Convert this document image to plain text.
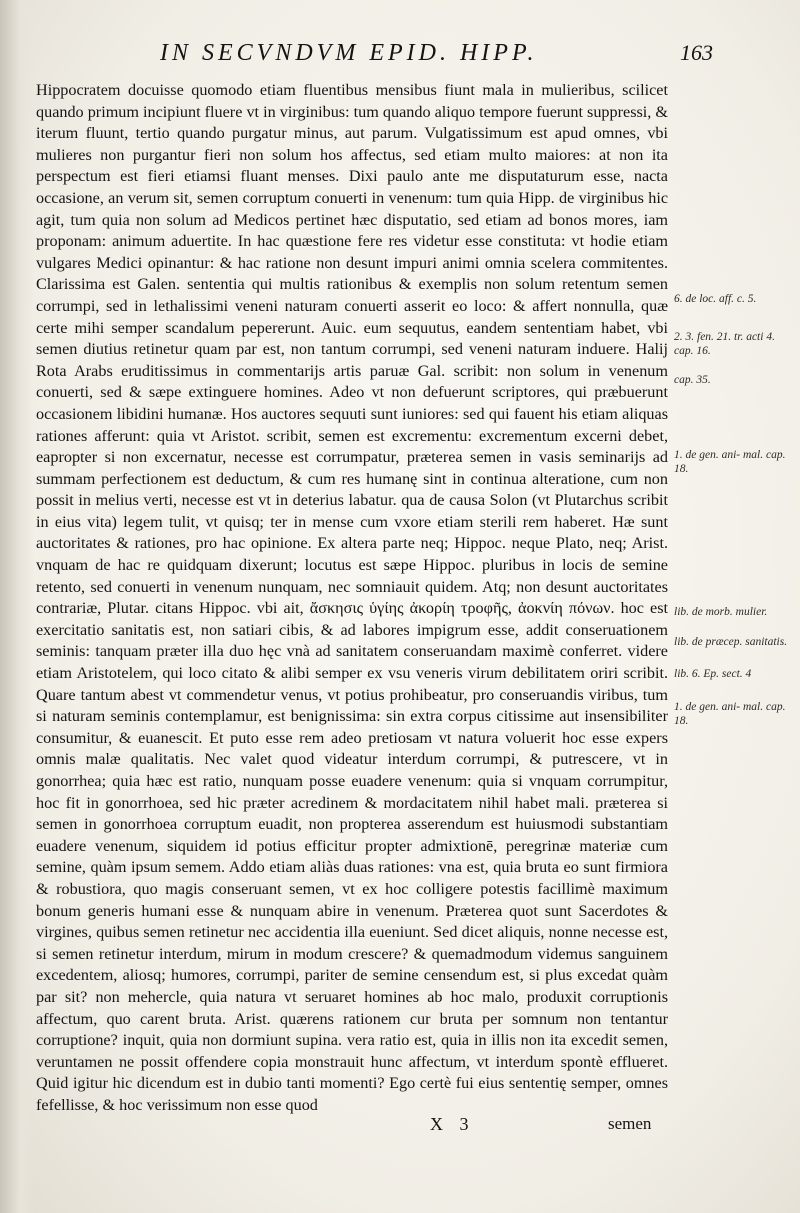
IN SECVNDVM EPID. HIPP.	163

Hippocratem docuisse quomodo etiam fluentibus mensibus fiunt mala in mulieribus, scilicet quando primum incipiunt fluere vt in virginibus: tum quando aliquo tempore fuerunt suppressi, & iterum fluunt, tertio quando purgatur minus, aut parum. Vulgatissimum est apud omnes, vbi mulieres non purgantur fieri non solum hos affectus, sed etiam multo maiores: at non ita perspectum est fieri etiamsi fluant menses. Dixi paulo ante me disputaturum esse, nacta occasione, an verum sit, semen corruptum conuerti in venenum: tum quia Hipp. de virginibus hic agit, tum quia non solum ad Medicos pertinet hæc disputatio, sed etiam ad bonos mores, iam proponam: animum aduertite. In hac quæstione fere res videtur esse constituta: vt hodie etiam vulgares Medici opinantur: & hac ratione non desunt impuri animi omnia scelera commitentes. Clarissima est Galen. sententia qui multis rationibus & exemplis non solum retentum semen corrumpi, sed in lethalissimi veneni naturam conuerti asserit eo loco: & affert nonnulla, quæ certe mihi semper scandalum pepererunt. Auic. eum sequutus, eandem sententiam habet, vbi semen diutius retinetur quam par est, non tantum corrumpi, sed veneni naturam induere. Halij Rota Arabs eruditissimus in commentarijs artis paruæ Gal. scribit: non solum in venenum conuerti, sed & sæpe extinguere homines. Adeo vt non defuerunt scriptores, qui præbuerunt occasionem libidini humanæ. Hos auctores sequuti sunt iuniores: sed qui fauent his etiam aliquas rationes afferunt: quia vt Aristot. scribit, semen est excrementu: excrementum excerni debet, eapropter si non excernatur, necesse est corrumpatur, præterea semen in vasis seminarijs ad summam perfectionem est deductum, & cum res humanę sint in continua alteratione, cum non possit in melius verti, necesse est vt in deterius labatur. qua de causa Solon (vt Plutarchus scribit in eius vita) legem tulit, vt quisq; ter in mense cum vxore etiam sterili rem haberet. Hæ sunt auctoritates & rationes, pro hac opinione. Ex altera parte neq; Hippoc. neque Plato, neq; Arist. vnquam de hac re quidquam dixerunt; locutus est sæpe Hippoc. pluribus in locis de semine retento, sed conuerti in venenum nunquam, nec somniauit quidem. Atq; non desunt auctoritates contrariæ, Plutar. citans Hippoc. vbi ait, ἄσκησις ὑγίης ἀκορίη τροφῆς, ἀοκνίη πόνων. hoc est exercitatio sanitatis est, non satiari cibis, & ad labores impigrum esse, addit conseruationem seminis: tanquam præter illa duo hęc vnà ad sanitatem conseruandam maximè conferret. videre etiam Aristotelem, qui loco citato & alibi semper ex vsu veneris virum debilitatem oriri scribit. Quare tantum abest vt commendetur venus, vt potius prohibeatur, pro conseruandis viribus, tum si naturam seminis contemplamur, est benignissima: sin extra corpus citissime aut insensibiliter consumitur, & euanescit. Et puto esse rem adeo pretiosam vt natura voluerit hoc esse expers omnis malæ qualitatis. Nec valet quod videatur interdum corrumpi, & putrescere, vt in gonorrhea; quia hæc est ratio, nunquam posse euadere venenum: quia si vnquam corrumpitur, hoc fit in gonorrhoea, sed hic præter acredinem & mordacitatem nihil habet mali. præterea si semen in gonorrhoea corruptum euadit, non propterea asserendum est huiusmodi substantiam euadere venenum, siquidem id potius efficitur propter admixtionē, peregrinæ materiæ cum semine, quàm ipsum semem. Addo etiam aliàs duas rationes: vna est, quia bruta eo sunt firmiora & robustiora, quo magis conseruant semen, vt ex hoc colligere potestis facillimè maximum bonum generis humani esse & nunquam abire in venenum. Præterea quot sunt Sacerdotes & virgines, quibus semen retinetur nec accidentia illa eueniunt. Sed dicet aliquis, nonne necesse est, si semen retinetur interdum, mirum in modum crescere? & quemadmodum videmus sanguinem excedentem, aliosq; humores, corrumpi, pariter de semine censendum est, si plus excedat quàm par sit? non mehercle, quia natura vt seruaret homines ab hoc malo, produxit corruptionis affectum, quo carent bruta. Arist. quærens rationem cur bruta per somnum non tentantur corruptione? inquit, quia non dormiunt supina. vera ratio est, quia in illis non ita excedit semen, veruntamen ne possit offendere copia monstrauit hunc affectum, vt interdum spontè efflueret. Quid igitur hic dicendum est in dubio tanti momenti? Ego certè fui eius sententię semper, omnes fefellisse, & hoc verissimum non esse quod

6. de loc. aff. c. 5.
2. 3. fen. 21. tr. acti 4. cap. 16.
cap. 35.
1. de gen. ani- mal. cap. 18.
lib. de morb. mulier.
lib. de præcep. sanitatis.
lib. 6. Ep. sect. 4
1. de gen. ani- mal. cap. 18.
X 3	semen
